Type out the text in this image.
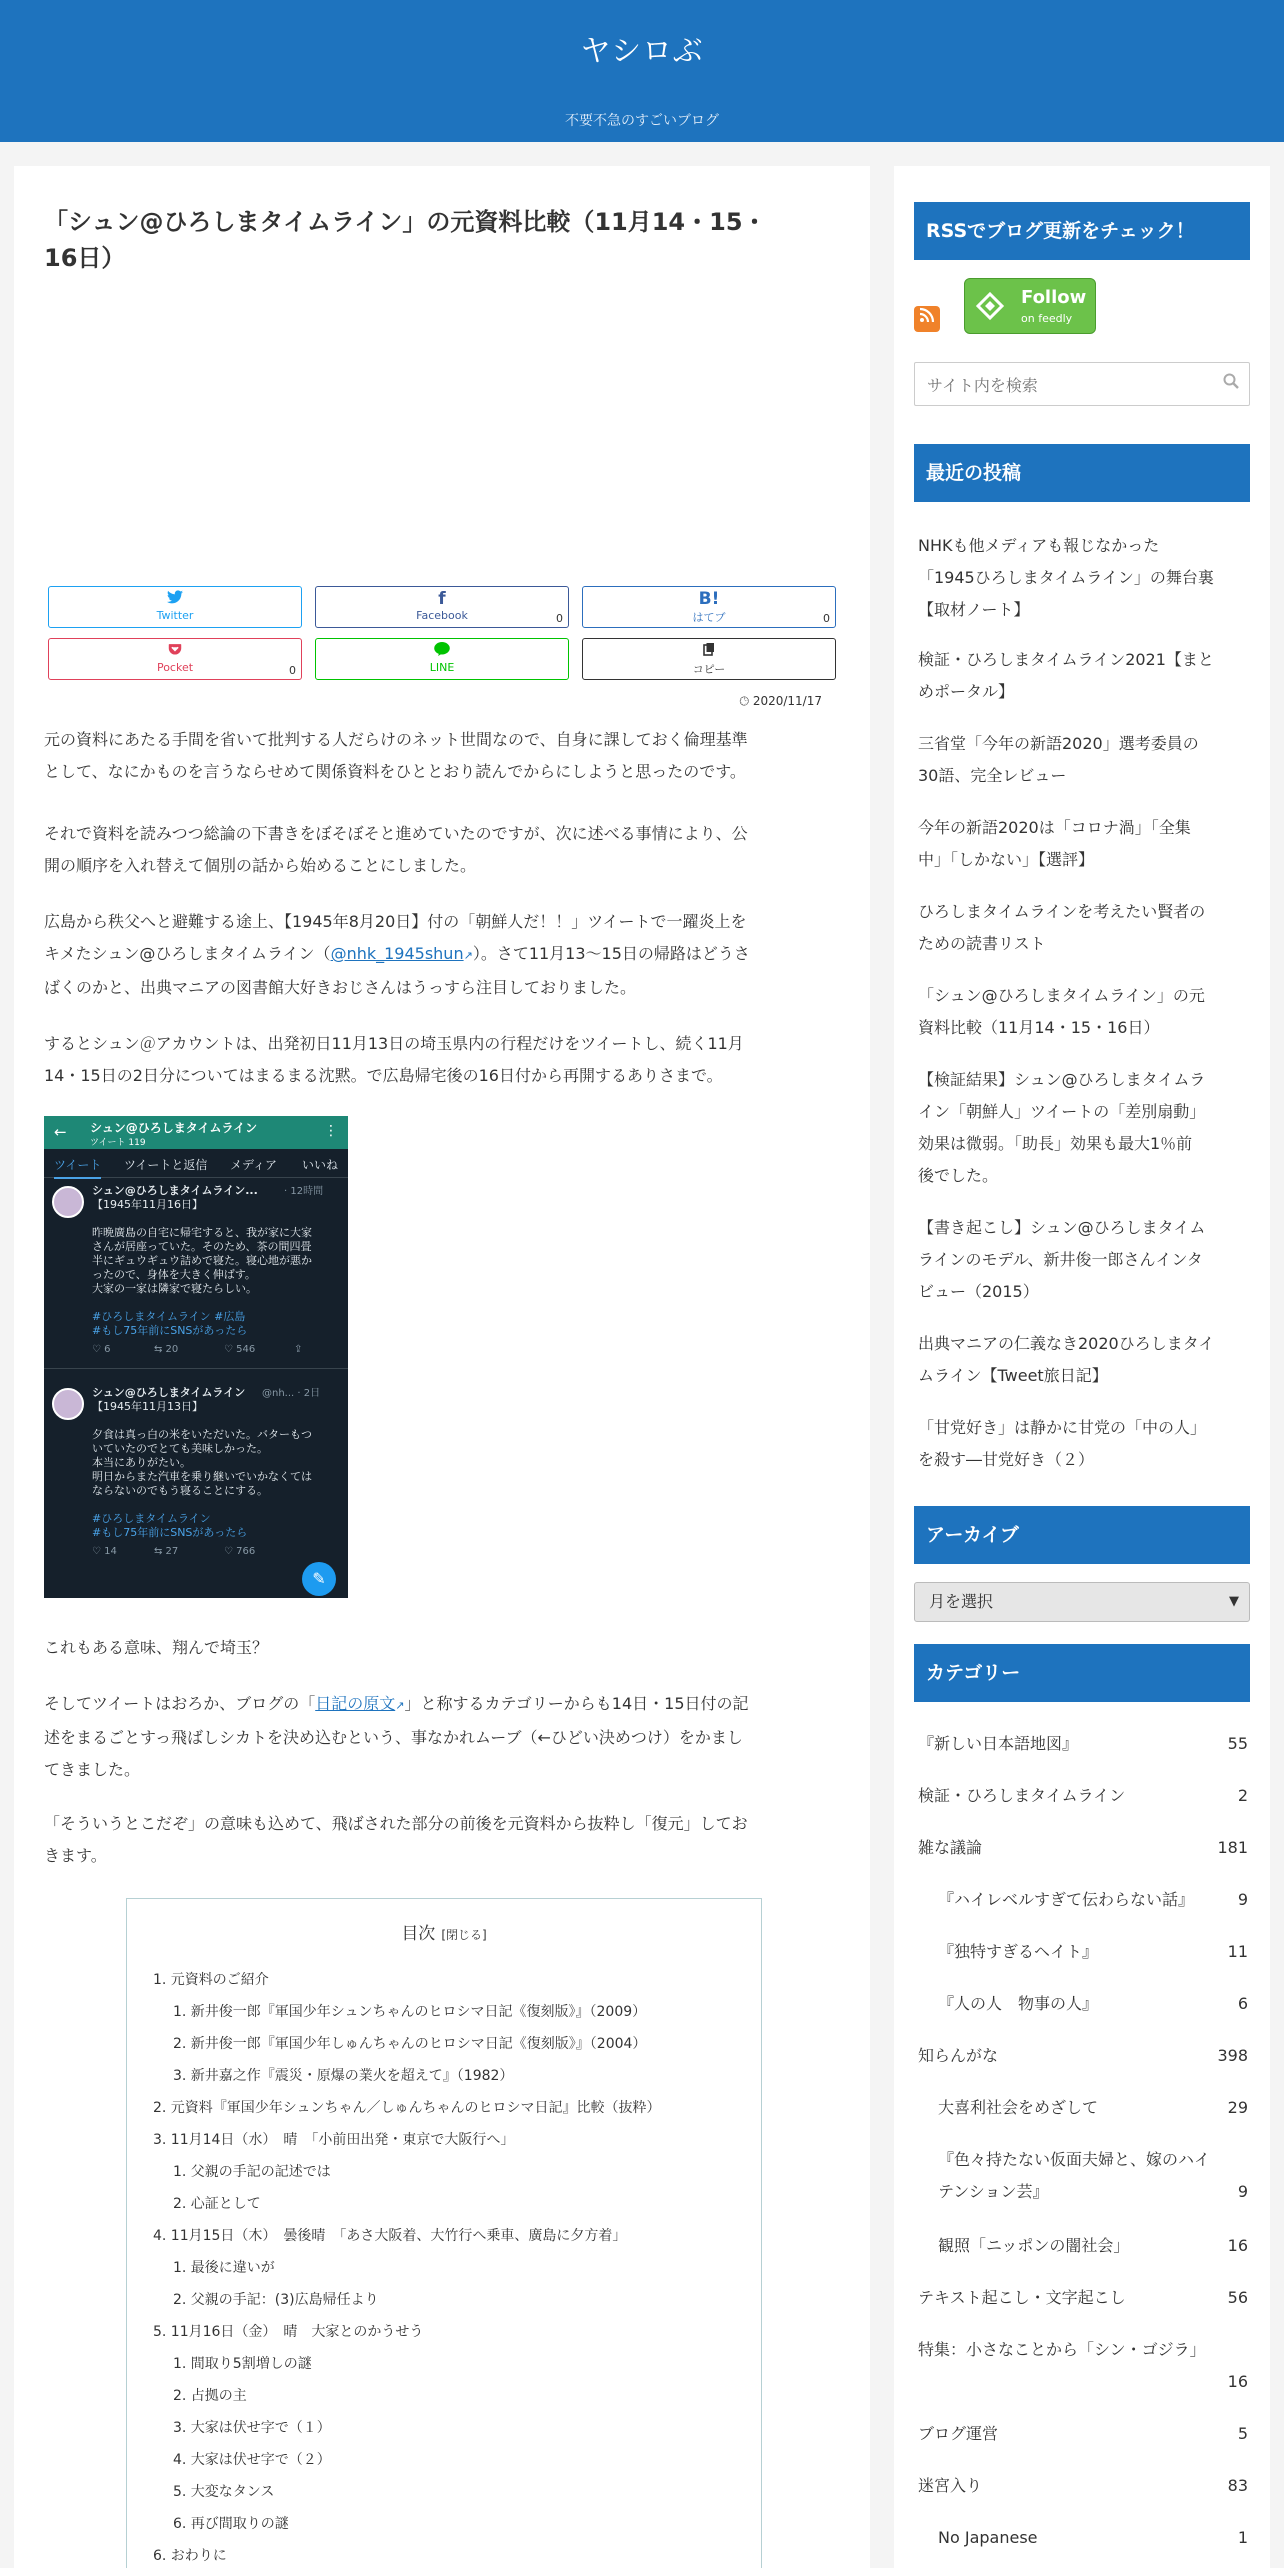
ヤシロぶ
不要不急のすごいブログ
「シュン@ひろしまタイムライン」の元資料比較（11月14・15・
16日）
Twitter
f
Facebook	0
B!
はてブ	0
Pocket	0	LINE	コピー
🕒︎ 2020/11/17
元の資料にあたる手間を省いて批判する人だらけのネット世間なので、自身に課しておく倫理基準
として、なにかものを言うならせめて関係資料をひととおり読んでからにしようと思ったのです。
それで資料を読みつつ総論の下書きをぼそぼそと進めていたのですが、次に述べる事情により、公
開の順序を入れ替えて個別の話から始めることにしました。
広島から秩父へと避難する途上、【1945年8月20日】付の「朝鮮人だ！！」ツイートで一躍炎上を
キメたシュン@ひろしまタイムライン（@nhk_1945shun↗）。さて11月13〜15日の帰路はどうさ
ばくのかと、出典マニアの図書館大好きおじさんはうっすら注目しておりました。
するとシュン＠アカウントは、出発初日11月13日の埼玉県内の行程だけをツイートし、続く11月
14・15日の2日分についてはまるまる沈黙。で広島帰宅後の16日付から再開するありさまで。
← シュン@ひろしまタイムライン
ツイート 119
⋮
ツイート ツイートと返信 メディア いいね
シュン@ひろしまタイムライン...	· 12時間
【1945年11月16日】
昨晩廣島の自宅に帰宅すると、我が家に大家
さんが居座っていた。そのため、茶の間四畳
半にギュウギュウ詰めで寝た。寝心地が悪か
ったので、身体を大きく伸ばす。
大家の一家は隣家で寝たらしい。
#ひろしまタイムライン #広島
#もし75年前にSNSがあったら
♡ 6	⇆ 20	♡ 546	⇪
シュン@ひろしまタイムライン @nh... · 2日
【1945年11月13日】
夕食は真っ白の米をいただいた。バターもつ
いていたのでとても美味しかった。
本当にありがたい。
明日からまた汽車を乗り継いでいかなくては
ならないのでもう寝ることにする。
#ひろしまタイムライン
#もし75年前にSNSがあったら
♡ 14	⇆ 27	♡ 766
✎
これもある意味、翔んで埼玉？
そしてツイートはおろか、ブログの「日記の原文↗」と称するカテゴリーからも14日・15日付の記
述をまるごとすっ飛ばしシカトを決め込むという、事なかれムーブ（←ひどい決めつけ）をかまし
てきました。
「そういうとこだぞ」の意味も込めて、飛ばされた部分の前後を元資料から抜粋し「復元」してお
きます。
目次 [閉じる]
1. 元資料のご紹介
1. 新井俊一郎『軍国少年シュンちゃんのヒロシマ日記《復刻版》』（2009）
2. 新井俊一郎『軍国少年しゅんちゃんのヒロシマ日記《復刻版》』（2004）
3. 新井嘉之作『震災・原爆の業火を超えて』（1982）
2. 元資料『軍国少年シュンちゃん／しゅんちゃんのヒロシマ日記』比較（抜粋）
3. 11月14日（水）　晴　「小前田出発・東京で大阪行へ」
1. 父親の手記の記述では
2. 心証として
4. 11月15日（木）　曇後晴　「あさ大阪着、大竹行へ乗車、廣島に夕方着」
1. 最後に違いが
2. 父親の手記：(3)広島帰任より
5. 11月16日（金）　晴　大家とのかうせう
1. 間取り5割増しの謎
2. 占拠の主
3. 大家は伏せ字で（１）
4. 大家は伏せ字で（２）
5. 大変なタンス
6. 再び間取りの謎
6. おわりに
RSSでブログ更新をチェック！
Follow
on feedly
サイト内を検索
最近の投稿
NHKも他メディアも報じなかった
「1945ひろしまタイムライン」の舞台裏
【取材ノート】
検証・ひろしまタイムライン2021【まと
めポータル】
三省堂「今年の新語2020」選考委員の
30語、完全レビュー
今年の新語2020は「コロナ渦」「全集
中」「しかない」【選評】
ひろしまタイムラインを考えたい賢者の
ための読書リスト
「シュン@ひろしまタイムライン」の元
資料比較（11月14・15・16日）
【検証結果】シュン@ひろしまタイムラ
イン「朝鮮人」ツイートの「差別扇動」
効果は微弱。「助長」効果も最大1％前
後でした。
【書き起こし】シュン@ひろしまタイム
ラインのモデル、新井俊一郎さんインタ
ビュー（2015）
出典マニアの仁義なき2020ひろしまタイ
ムライン【Tweet旅日記】
「甘党好き」は静かに甘党の「中の人」
を殺す―甘党好き（２）
アーカイブ
月を選択	▼
カテゴリー
『新しい日本語地図』	55
検証・ひろしまタイムライン	2
雑な議論	181
『ハイレベルすぎて伝わらない話』	9
『独特すぎるヘイト』	11
『人の人　物事の人』	6
知らんがな	398
大喜利社会をめざして	29
『色々持たない仮面夫婦と、嫁のハイ
テンション芸』	9
観照「ニッポンの闇社会」	16
テキスト起こし・文字起こし	56
特集：小さなことから「シン・ゴジラ」
16
ブログ運営	5
迷宮入り	83
No Japanese	1
